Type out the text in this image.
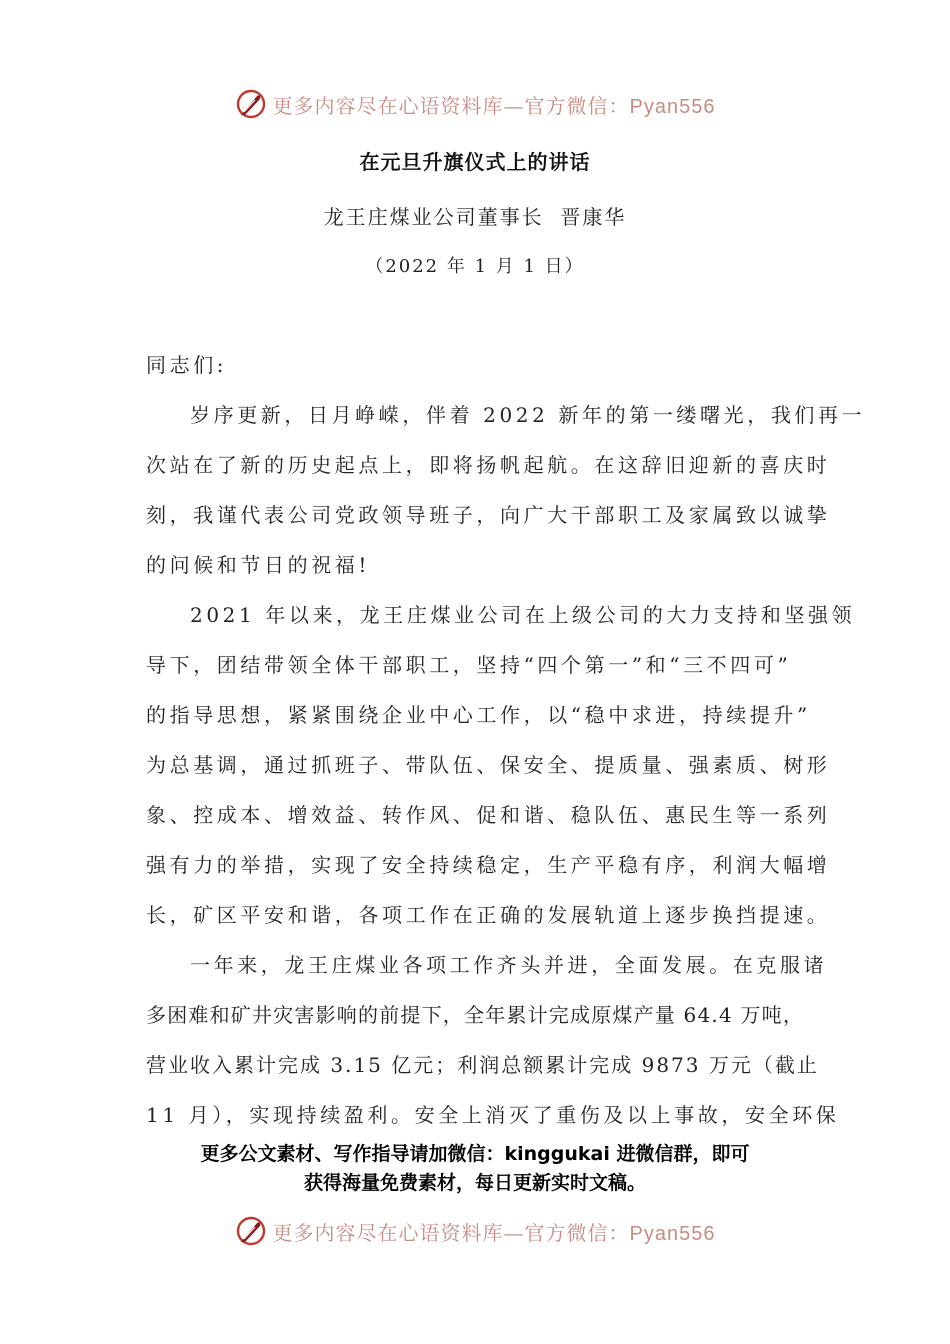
更多内容尽在心语资料库—官方微信：Pyan556
在元旦升旗仪式上的讲话
龙王庄煤业公司董事长  晋康华
（2022 年 1 月 1 日）
同志们:
岁序更新，日月峥嵘，伴着 2022 新年的第一缕曙光，我们再一
次站在了新的历史起点上，即将扬帆起航。在这辞旧迎新的喜庆时
刻，我谨代表公司党政领导班子，向广大干部职工及家属致以诚挚
的问候和节日的祝福!
2021 年以来，龙王庄煤业公司在上级公司的大力支持和坚强领
导下，团结带领全体干部职工，坚持“四个第一”和“三不四可”
的指导思想，紧紧围绕企业中心工作，以“稳中求进，持续提升”
为总基调，通过抓班子、带队伍、保安全、提质量、强素质、树形
象、控成本、增效益、转作风、促和谐、稳队伍、惠民生等一系列
强有力的举措，实现了安全持续稳定，生产平稳有序，利润大幅增
长，矿区平安和谐，各项工作在正确的发展轨道上逐步换挡提速。
一年来，龙王庄煤业各项工作齐头并进，全面发展。在克服诸
多困难和矿井灾害影响的前提下，全年累计完成原煤产量 64.4 万吨，
营业收入累计完成 3.15 亿元；利润总额累计完成 9873 万元（截止
11 月），实现持续盈利。安全上消灭了重伤及以上事故，安全环保
更多公文素材、写作指导请加微信：kinggukai 进微信群，即可
获得海量免费素材，每日更新实时文稿。
更多内容尽在心语资料库—官方微信：Pyan556
